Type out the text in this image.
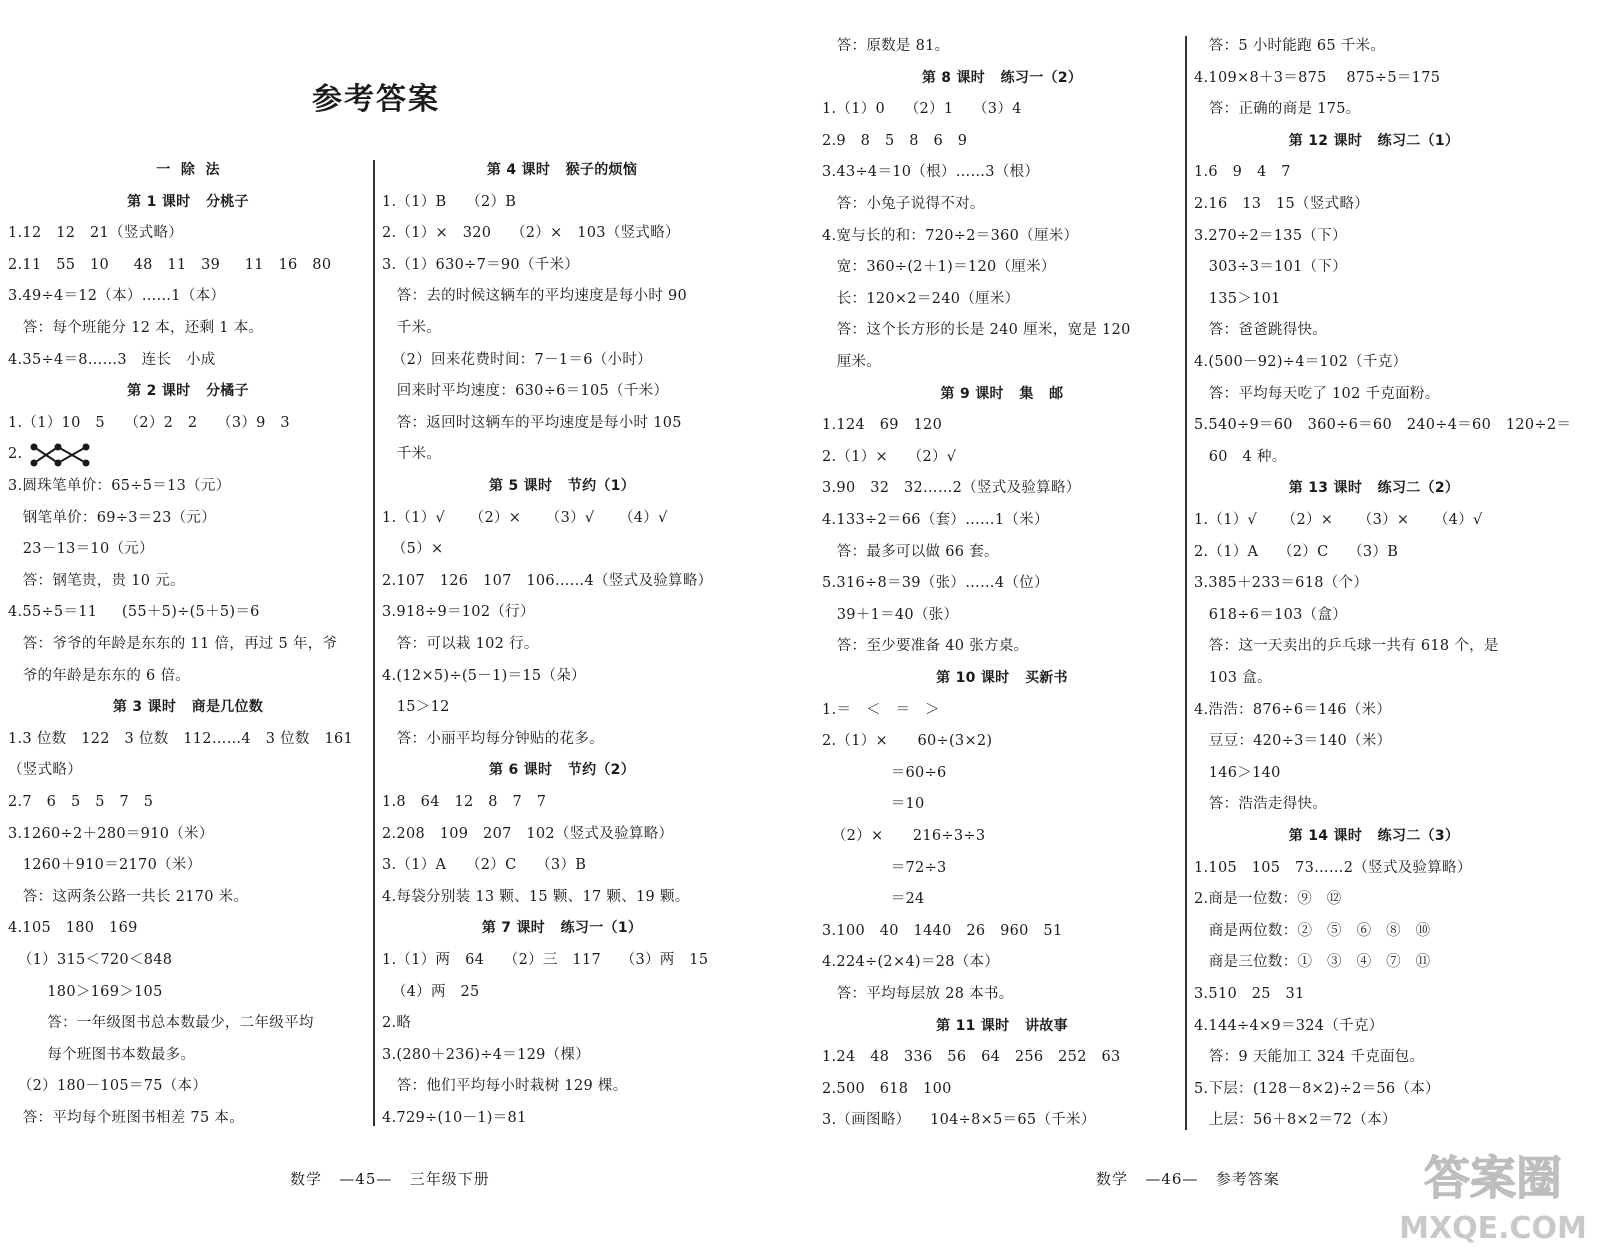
参考答案
一  除  法
第 1 课时   分桃子
1.12   12   21（竖式略）
2.11   55   10     48   11   39     11   16   80
3.49÷4＝12（本）……1（本）
答：每个班能分 12 本，还剩 1 本。
4.35÷4＝8……3   连长   小成
第 2 课时   分橘子
1.（1）10   5    （2）2   2    （3）9   3
2.
3.圆珠笔单价：65÷5＝13（元）
钢笔单价：69÷3＝23（元）
23－13＝10（元）
答：钢笔贵，贵 10 元。
4.55÷5＝11     (55＋5)÷(5＋5)＝6
答：爷爷的年龄是东东的 11 倍，再过 5 年，爷
爷的年龄是东东的 6 倍。
第 3 课时   商是几位数
1.3 位数   122   3 位数   112……4   3 位数   161
（竖式略）
2.7   6   5   5   7   5
3.1260÷2＋280＝910（米）
1260＋910＝2170（米）
答：这两条公路一共长 2170 米。
4.105   180   169
（1）315＜720＜848
180＞169＞105
答：一年级图书总本数最少，二年级平均
每个班图书本数最多。
（2）180－105＝75（本）
答：平均每个班图书相差 75 本。
第 4 课时   猴子的烦恼
1.（1）B    （2）B
2.（1）×   320    （2）×   103（竖式略）
3.（1）630÷7＝90（千米）
答：去的时候这辆车的平均速度是每小时 90
千米。
（2）回来花费时间：7－1＝6（小时）
回来时平均速度：630÷6＝105（千米）
答：返回时这辆车的平均速度是每小时 105
千米。
第 5 课时   节约（1）
1.（1）√     （2）×     （3）√     （4）√
（5）×
2.107   126   107   106……4（竖式及验算略）
3.918÷9＝102（行）
答：可以栽 102 行。
4.(12×5)÷(5－1)＝15（朵）
15＞12
答：小丽平均每分钟贴的花多。
第 6 课时   节约（2）
1.8   64   12   8   7   7
2.208   109   207   102（竖式及验算略）
3.（1）A    （2）C    （3）B
4.每袋分别装 13 颗、15 颗、17 颗、19 颗。
第 7 课时   练习一（1）
1.（1）两   64    （2）三   117    （3）两   15
（4）两   25
2.略
3.(280＋236)÷4＝129（棵）
答：他们平均每小时栽树 129 棵。
4.729÷(10－1)＝81
答：原数是 81。
第 8 课时   练习一（2）
1.（1）0    （2）1    （3）4
2.9   8   5   8   6   9
3.43÷4＝10（根）……3（根）
答：小兔子说得不对。
4.宽与长的和：720÷2＝360（厘米）
宽：360÷(2＋1)＝120（厘米）
长：120×2＝240（厘米）
答：这个长方形的长是 240 厘米，宽是 120
厘米。
第 9 课时   集   邮
1.124   69   120
2.（1）×    （2）√
3.90   32   32……2（竖式及验算略）
4.133÷2＝66（套）……1（米）
答：最多可以做 66 套。
5.316÷8＝39（张）……4（位）
39＋1＝40（张）
答：至少要准备 40 张方桌。
第 10 课时   买新书
1.＝   ＜   ＝   ＞
2.（1）×      60÷(3×2)
＝60÷6
＝10
（2）×      216÷3÷3
＝72÷3
＝24
3.100   40   1440   26   960   51
4.224÷(2×4)＝28（本）
答：平均每层放 28 本书。
第 11 课时   讲故事
1.24   48   336   56   64   256   252   63
2.500   618   100
3.（画图略）    104÷8×5＝65（千米）
答：5 小时能跑 65 千米。
4.109×8＋3＝875    875÷5＝175
答：正确的商是 175。
第 12 课时   练习二（1）
1.6   9   4   7
2.16   13   15（竖式略）
3.270÷2＝135（下）
303÷3＝101（下）
135＞101
答：爸爸跳得快。
4.(500－92)÷4＝102（千克）
答：平均每天吃了 102 千克面粉。
5.540÷9＝60   360÷6＝60   240÷4＝60   120÷2＝
60   4 种。
第 13 课时   练习二（2）
1.（1）√     （2）×     （3）×     （4）√
2.（1）A    （2）C    （3）B
3.385＋233＝618（个）
618÷6＝103（盒）
答：这一天卖出的乒乓球一共有 618 个，是
103 盒。
4.浩浩：876÷6＝146（米）
豆豆：420÷3＝140（米）
146＞140
答：浩浩走得快。
第 14 课时   练习二（3）
1.105   105   73……2（竖式及验算略）
2.商是一位数：⑨   ⑫
商是两位数：②   ⑤   ⑥   ⑧   ⑩
商是三位数：①   ③   ④   ⑦   ⑪
3.510   25   31
4.144÷4×9＝324（千克）
答：9 天能加工 324 千克面包。
5.下层：(128－8×2)÷2＝56（本）
上层：56＋8×2＝72（本）
数学   —45—   三年级下册	数学   —46—   参考答案	答案圈
MXQE.COM
